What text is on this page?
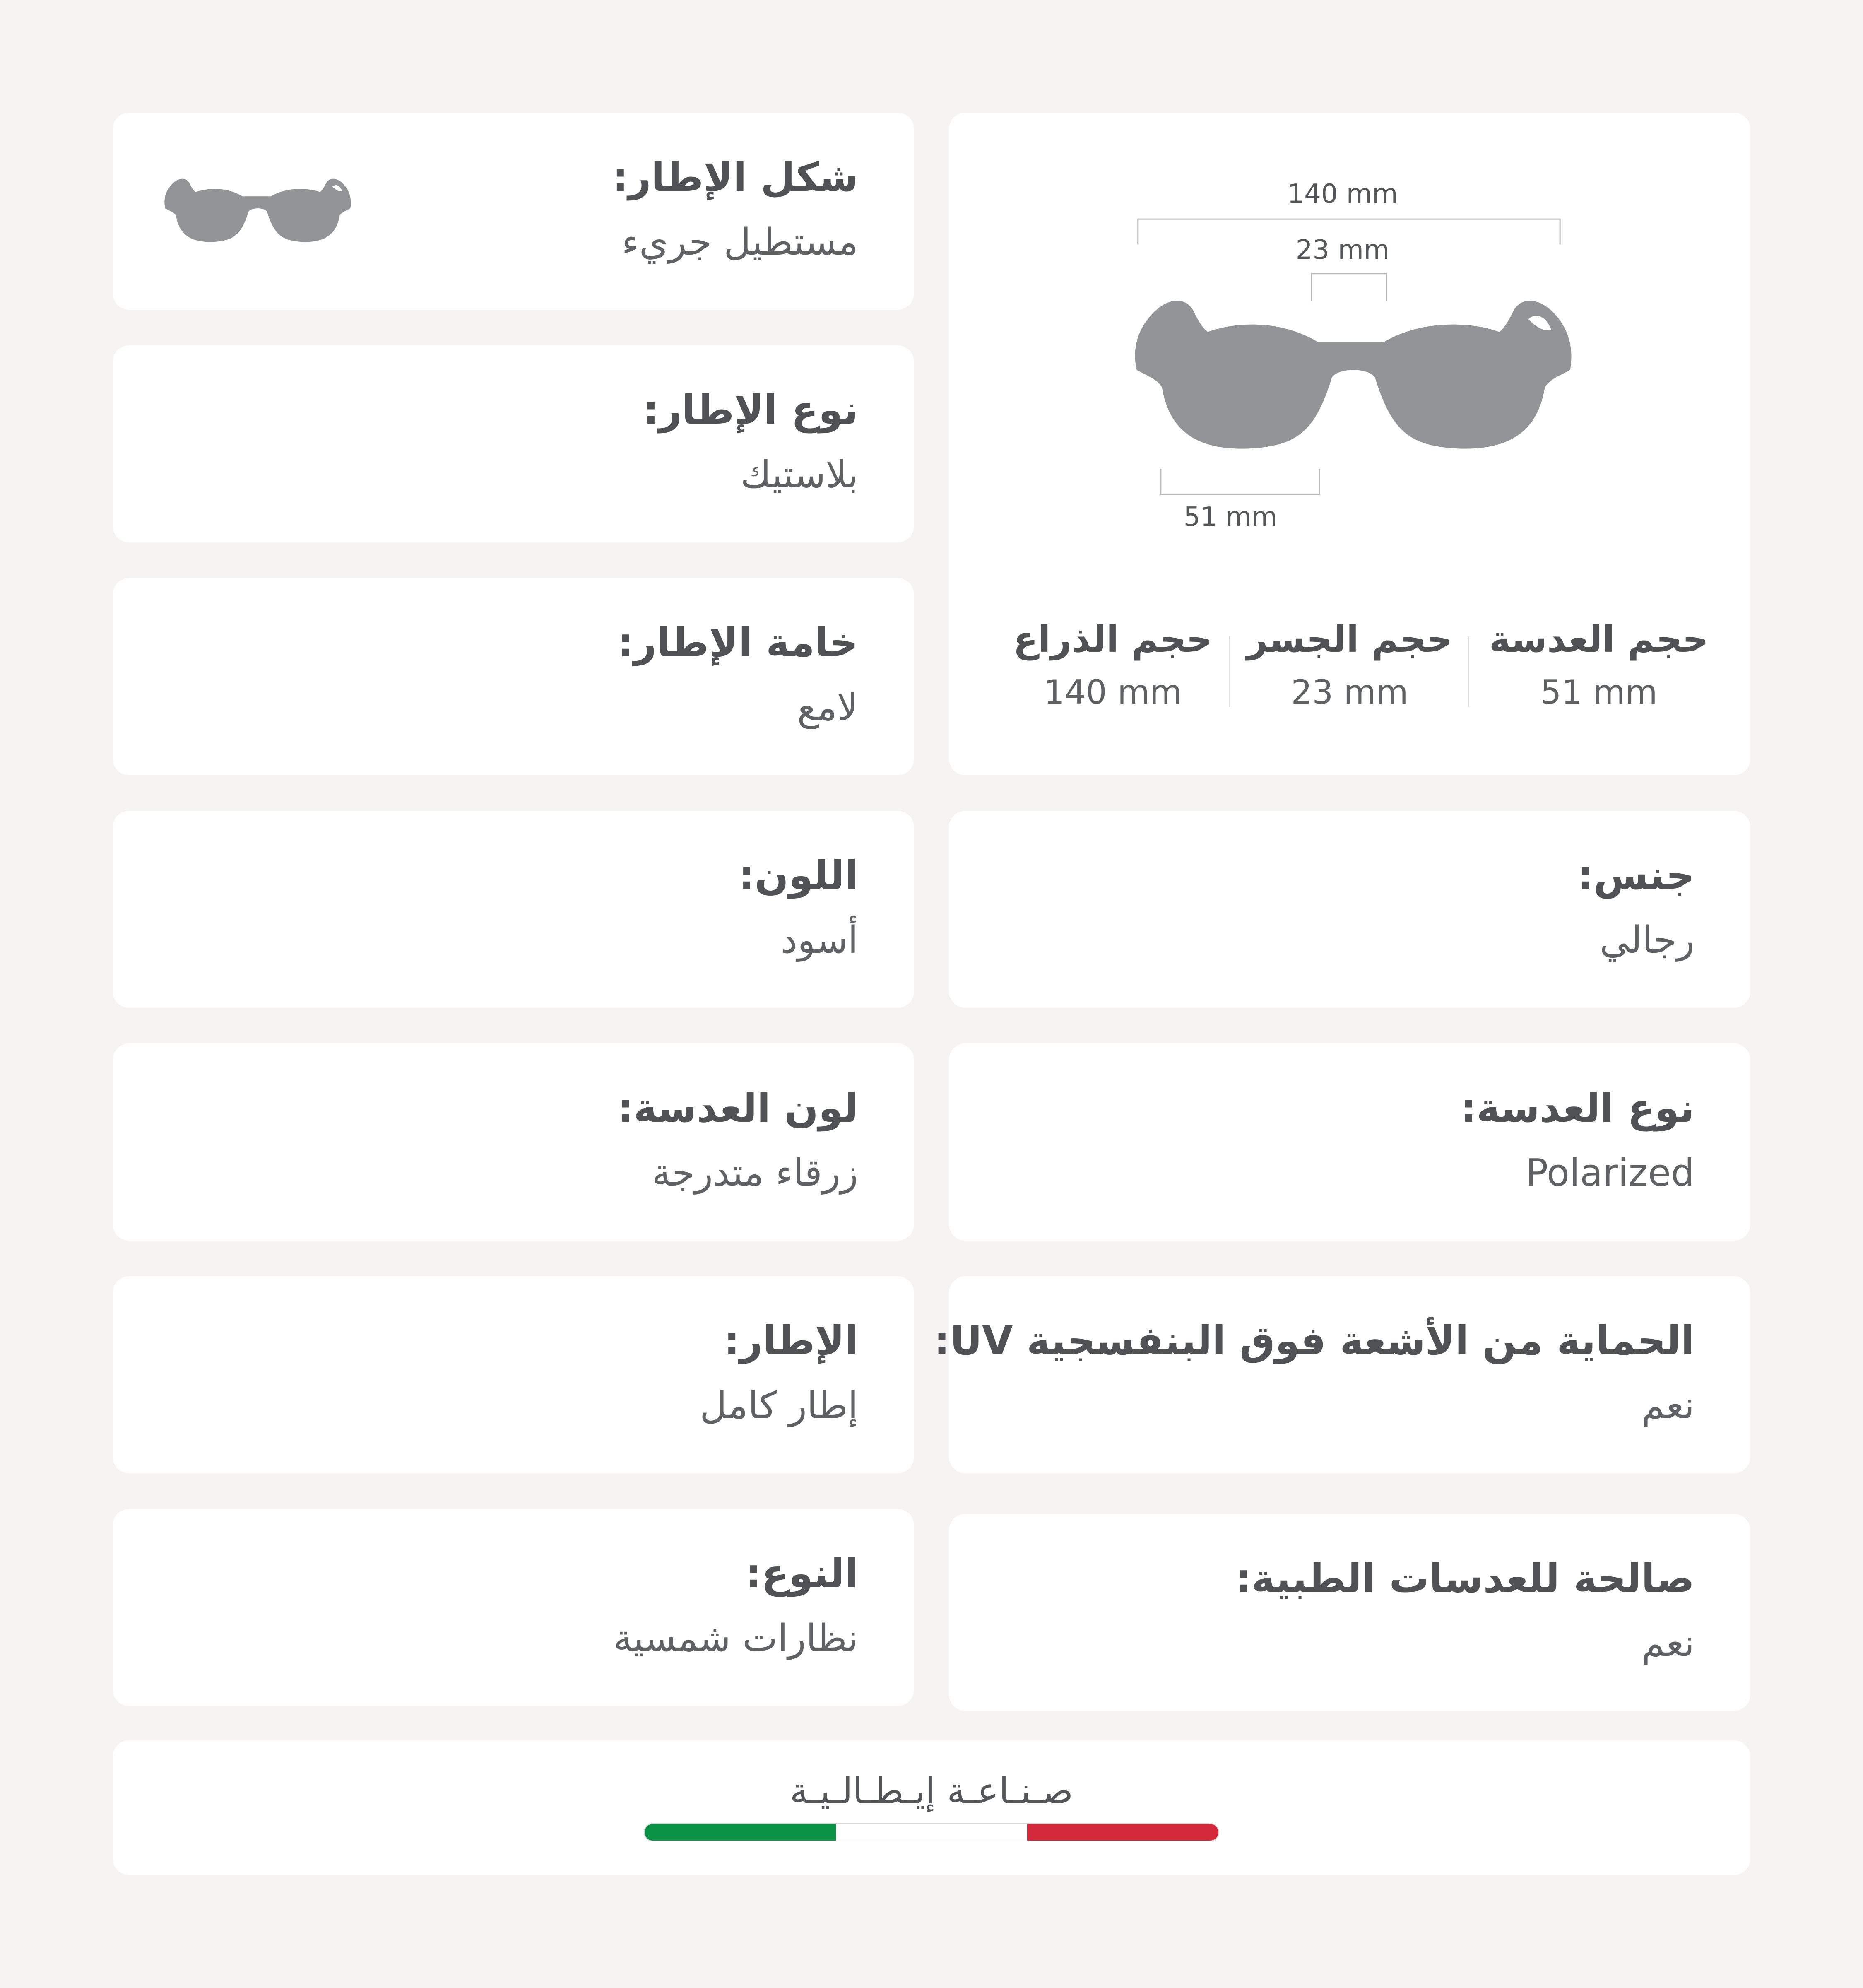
شكل الإطار:
مستطيل جريء
نوع الإطار:
بلاستيك
خامة الإطار:
لامع
اللون:
أسود
لون العدسة:
زرقاء متدرجة
الإطار:
إطار كامل
النوع:
نظارات شمسية
140 mm
23 mm
51 mm
حجم العدسة
51 mm
حجم الجسر
23 mm
حجم الذراع
140 mm
جنس:
رجالي
نوع العدسة:
Polarized
الحماية من الأشعة فوق البنفسجية UV:
نعم
صالحة للعدسات الطبية:
نعم
صـنـاعـة إيـطـالـيـة
